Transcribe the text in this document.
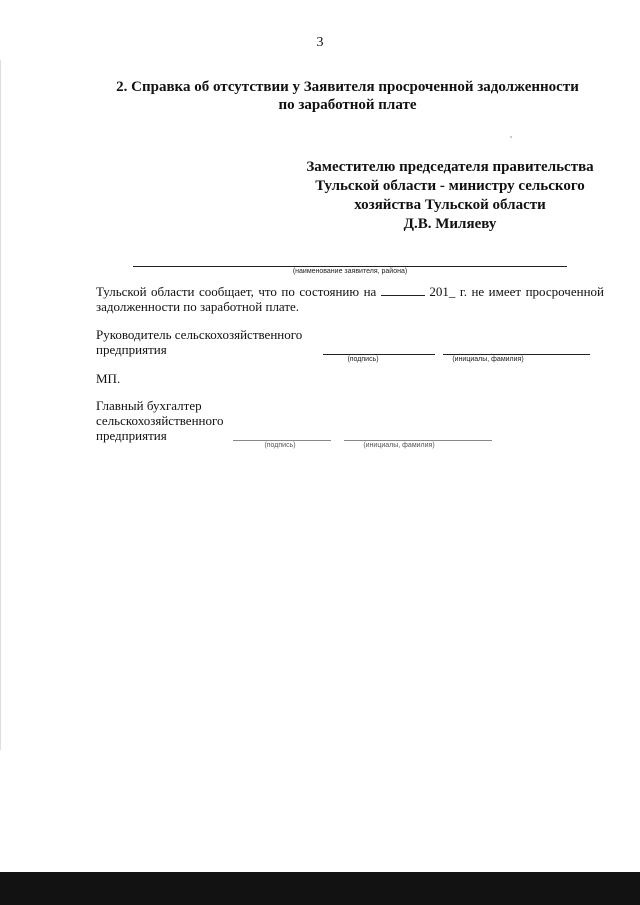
3
2. Справка об отсутствии у Заявителя просроченной задолженности
по заработной плате
Заместителю председателя правительства
Тульской области - министру сельского
хозяйства Тульской области
Д.В. Миляеву
(наименование заявителя, района)
Тульской области сообщает, что по состоянию на	201_ г. не имеет просроченной задолженности по заработной плате.
Руководитель сельскохозяйственного
предприятия
(подпись)	(инициалы, фамилия)
МП.
Главный бухгалтер
сельскохозяйственного
предприятия
(подпись)	(инициалы, фамилия)
